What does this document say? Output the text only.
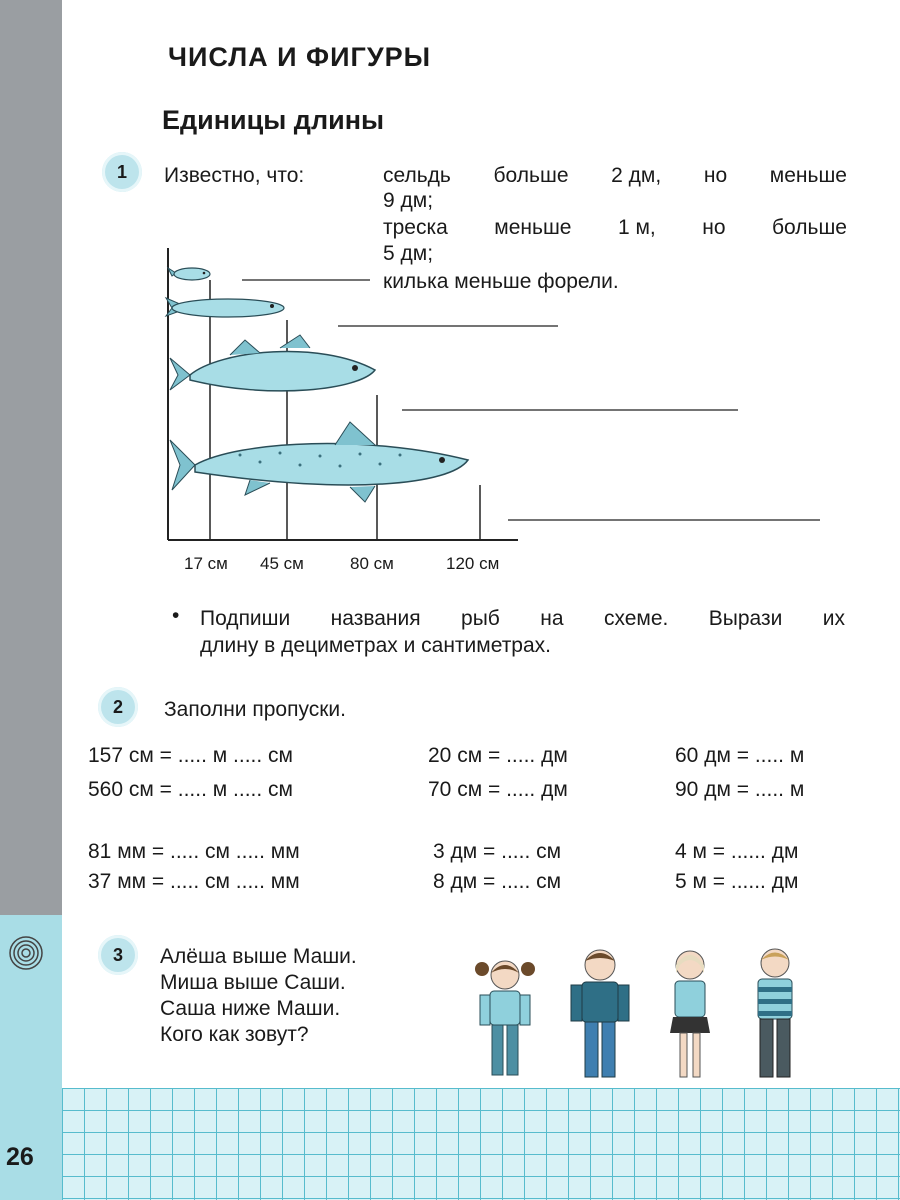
26
ЧИСЛА И ФИГУРЫ
Единицы длины
1	Известно, что:	сельдь больше 2 дм, но меньше
9 дм;
треска меньше 1 м, но больше
5 дм;
килька меньше форели.
17 см 45 см	80 см	120 см
• Подпиши названия рыб на схеме. Вырази их
длину в дециметрах и сантиметрах.
2	Заполни пропуски.
157 см = ..... м ..... см	20 см = ..... дм	60 дм = ..... м
560 см = ..... м ..... см	70 см = ..... дм	90 дм = ..... м
81 мм = ..... см ..... мм	3 дм = ..... см	4 м = ...... дм
37 мм = ..... см ..... мм	8 дм = ..... см	5 м = ...... дм
3	Алёша выше Маши.
Миша выше Саши.
Саша ниже Маши.
Кого как зовут?
